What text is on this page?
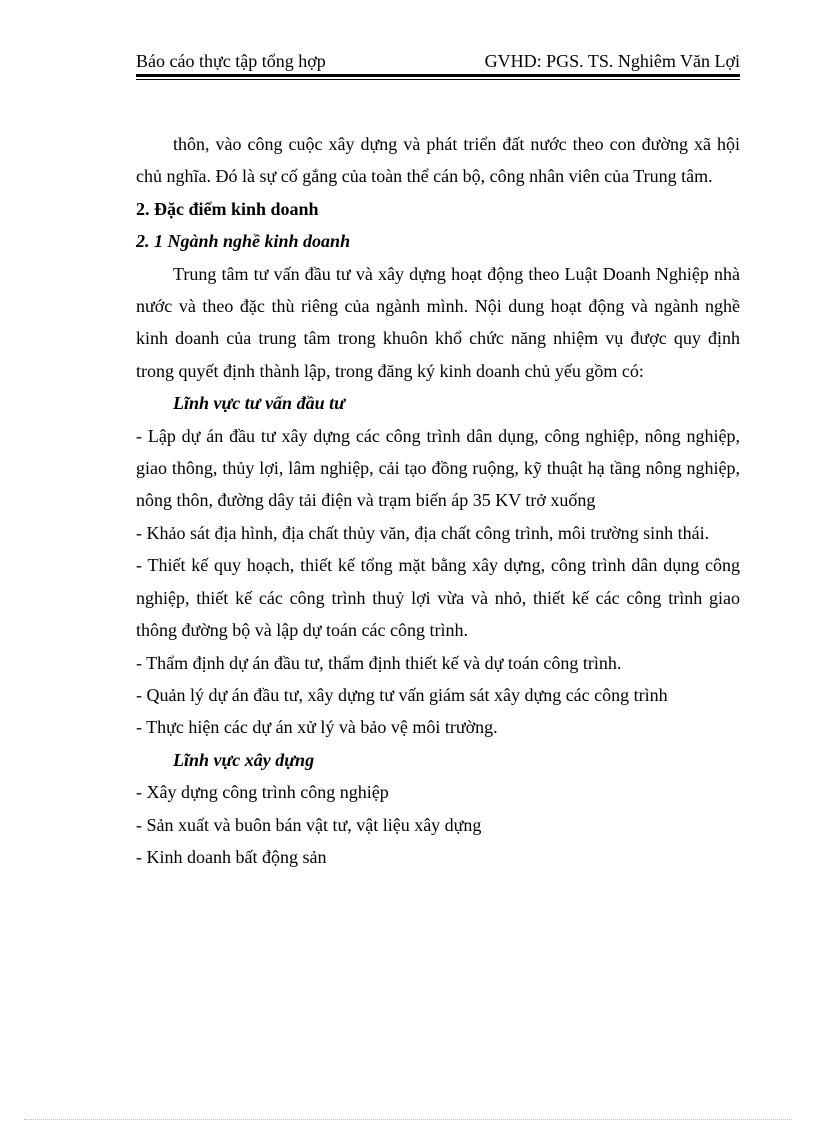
Báo cáo thực tập tổng hợp	GVHD: PGS. TS. Nghiêm Văn Lợi

thôn, vào công cuộc xây dựng và phát triển đất nước theo con đường xã hội chủ nghĩa. Đó là sự cố gắng của toàn thể cán bộ, công nhân viên của Trung tâm.

2. Đặc điểm kinh doanh

2. 1 Ngành nghề kinh doanh

Trung tâm tư vấn đầu tư và xây dựng hoạt động theo Luật Doanh Nghiệp nhà nước và theo đặc thù riêng của ngành mình. Nội dung hoạt động và ngành nghề kinh doanh của trung tâm trong khuôn khổ chức năng nhiệm vụ được quy định trong quyết định thành lập, trong đăng ký kinh doanh chủ yếu gồm có:

Lĩnh vực tư vấn đầu tư

- Lập dự án đầu tư xây dựng các công trình dân dụng, công nghiệp, nông nghiệp, giao thông, thủy lợi, lâm nghiệp, cải tạo đồng ruộng, kỹ thuật hạ tầng nông nghiệp, nông thôn, đường dây tải điện và trạm biến áp 35 KV trở xuống

- Khảo sát địa hình, địa chất thủy văn, địa chất công trình, môi trường sinh thái.

- Thiết kế quy hoạch, thiết kế tổng mặt bằng xây dựng, công trình dân dụng công nghiệp, thiết kế các công trình thuỷ lợi vừa và nhỏ, thiết kế các công trình giao thông đường bộ và lập dự toán các công trình.

- Thẩm định dự án đầu tư, thẩm định thiết kế và dự toán công trình.

- Quản lý dự án đầu tư, xây dựng tư vấn giám sát xây dựng các công trình

- Thực hiện các dự án xử lý và bảo vệ môi trường.

Lĩnh vực xây dựng

- Xây dựng công trình công nghiệp

- Sản xuất và buôn bán vật tư, vật liệu xây dựng

- Kinh doanh bất động sản
